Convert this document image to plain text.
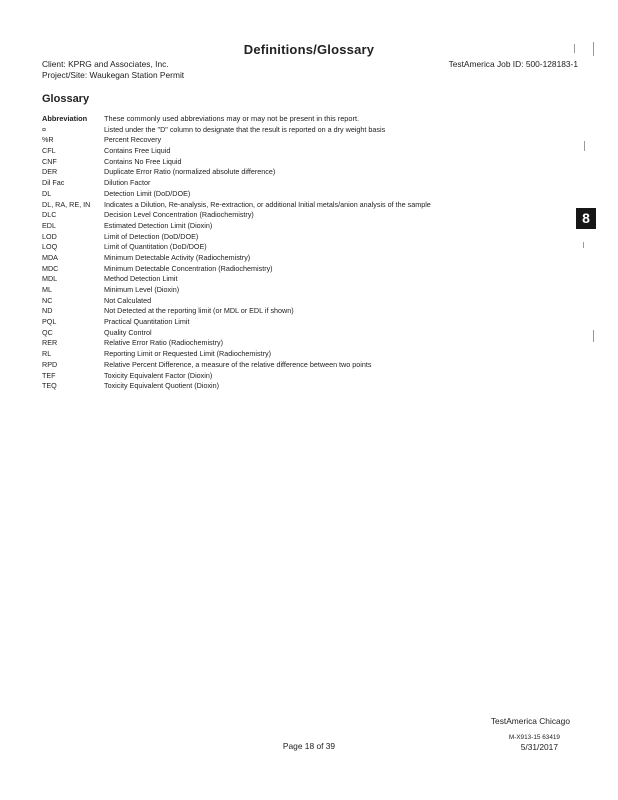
Definitions/Glossary
Client: KPRG and Associates, Inc.
Project/Site: Waukegan Station Permit
TestAmerica Job ID: 500-128183-1
Glossary
Abbreviation	These commonly used abbreviations may or may not be present in this report.
¤	Listed under the "D" column to designate that the result is reported on a dry weight basis
%R	Percent Recovery
CFL	Contains Free Liquid
CNF	Contains No Free Liquid
DER	Duplicate Error Ratio (normalized absolute difference)
Dil Fac	Dilution Factor
DL	Detection Limit (DoD/DOE)
DL, RA, RE, IN	Indicates a Dilution, Re-analysis, Re-extraction, or additional Initial metals/anion analysis of the sample
DLC	Decision Level Concentration (Radiochemistry)
EDL	Estimated Detection Limit (Dioxin)
LOD	Limit of Detection (DoD/DOE)
LOQ	Limit of Quantitation (DoD/DOE)
MDA	Minimum Detectable Activity (Radiochemistry)
MDC	Minimum Detectable Concentration (Radiochemistry)
MDL	Method Detection Limit
ML	Minimum Level (Dioxin)
NC	Not Calculated
ND	Not Detected at the reporting limit (or MDL or EDL if shown)
PQL	Practical Quantitation Limit
QC	Quality Control
RER	Relative Error Ratio (Radiochemistry)
RL	Reporting Limit or Requested Limit (Radiochemistry)
RPD	Relative Percent Difference, a measure of the relative difference between two points
TEF	Toxicity Equivalent Factor (Dioxin)
TEQ	Toxicity Equivalent Quotient (Dioxin)
8
TestAmerica Chicago
M-X913-15 63419
Page 18 of 39	5/31/2017
